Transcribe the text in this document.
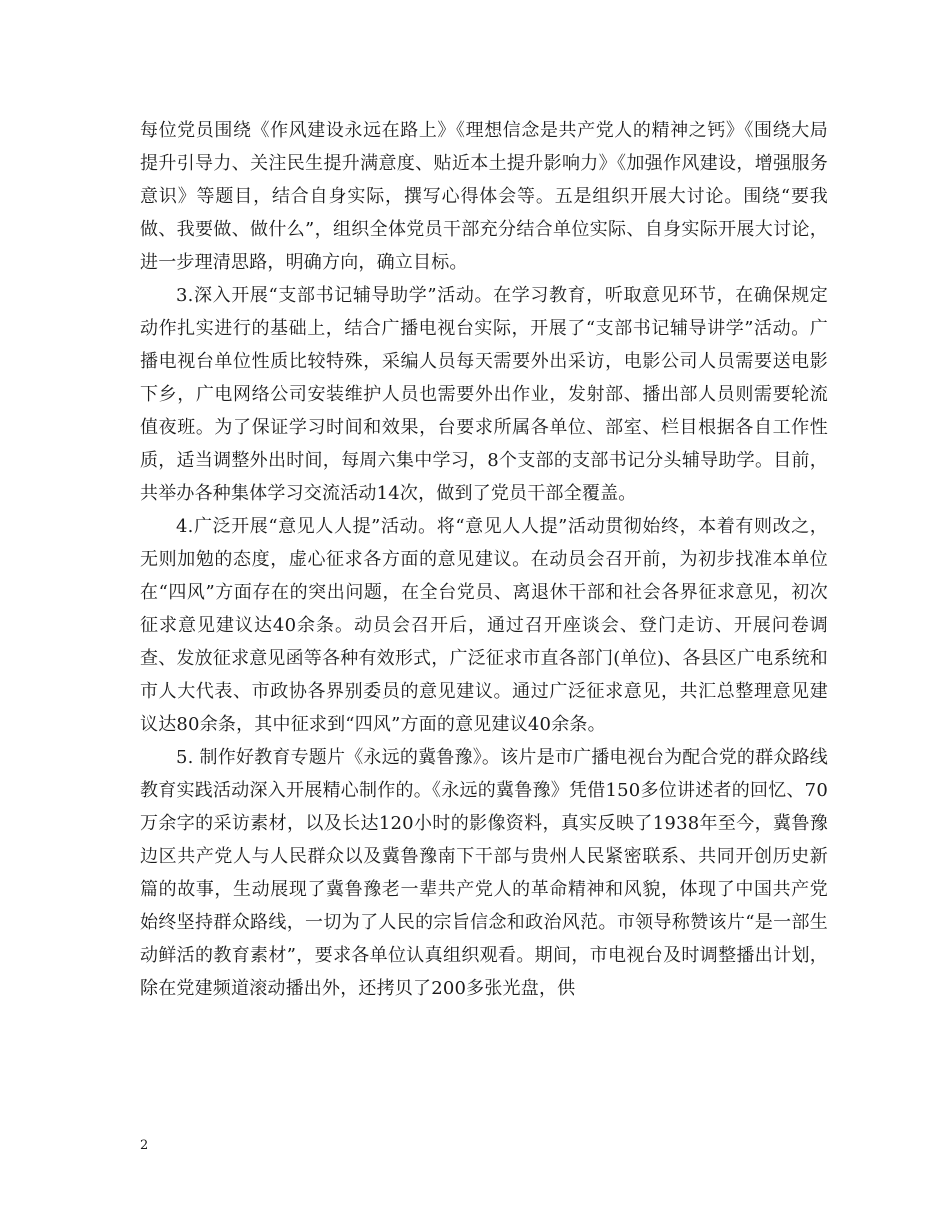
每位党员围绕《作风建设永远在路上》《理想信念是共产党人的精神之钙》《围绕大局提升引导力、关注民生提升满意度、贴近本土提升影响力》《加强作风建设，增强服务意识》等题目，结合自身实际，撰写心得体会等。五是组织开展大讨论。围绕“要我做、我要做、做什么”，组织全体党员干部充分结合单位实际、自身实际开展大讨论，进一步理清思路，明确方向，确立目标。

3.深入开展“支部书记辅导助学”活动。在学习教育，听取意见环节，在确保规定动作扎实进行的基础上，结合广播电视台实际，开展了“支部书记辅导讲学”活动。广播电视台单位性质比较特殊，采编人员每天需要外出采访，电影公司人员需要送电影下乡，广电网络公司安装维护人员也需要外出作业，发射部、播出部人员则需要轮流值夜班。为了保证学习时间和效果，台要求所属各单位、部室、栏目根据各自工作性质，适当调整外出时间，每周六集中学习，8个支部的支部书记分头辅导助学。目前，共举办各种集体学习交流活动14次，做到了党员干部全覆盖。

4.广泛开展“意见人人提”活动。将“意见人人提”活动贯彻始终，本着有则改之，无则加勉的态度，虚心征求各方面的意见建议。在动员会召开前，为初步找准本单位在“四风”方面存在的突出问题，在全台党员、离退休干部和社会各界征求意见，初次征求意见建议达40余条。动员会召开后，通过召开座谈会、登门走访、开展问卷调查、发放征求意见函等各种有效形式，广泛征求市直各部门(单位)、各县区广电系统和市人大代表、市政协各界别委员的意见建议。通过广泛征求意见，共汇总整理意见建议达80余条，其中征求到“四风”方面的意见建议40余条。

5. 制作好教育专题片《永远的冀鲁豫》。该片是市广播电视台为配合党的群众路线教育实践活动深入开展精心制作的。《永远的冀鲁豫》凭借150多位讲述者的回忆、70万余字的采访素材，以及长达120小时的影像资料，真实反映了1938年至今，冀鲁豫边区共产党人与人民群众以及冀鲁豫南下干部与贵州人民紧密联系、共同开创历史新篇的故事，生动展现了冀鲁豫老一辈共产党人的革命精神和风貌，体现了中国共产党始终坚持群众路线，一切为了人民的宗旨信念和政治风范。市领导称赞该片“是一部生动鲜活的教育素材”，要求各单位认真组织观看。期间，市电视台及时调整播出计划，除在党建频道滚动播出外，还拷贝了200多张光盘，供

2
